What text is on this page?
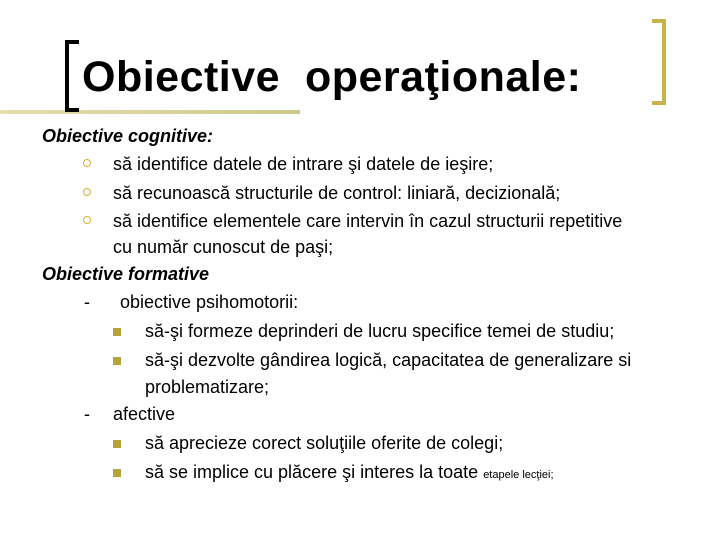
Obiective  operaţionale:
Obiective cognitive:
să identifice datele de intrare şi datele de ieşire;
să recunoască structurile de control: liniară, decizională;
să identifice elementele care intervin în cazul structurii repetitive
cu număr cunoscut de paşi;
Obiective formative
- obiective psihomotorii:
să-şi formeze deprinderi de lucru specifice temei de studiu;
să-şi dezvolte gândirea logică, capacitatea de generalizare si
problematizare;
- afective
să aprecieze corect soluţiile oferite de colegi;
să se implice cu plăcere şi interes la toate etapele lecţiei;
